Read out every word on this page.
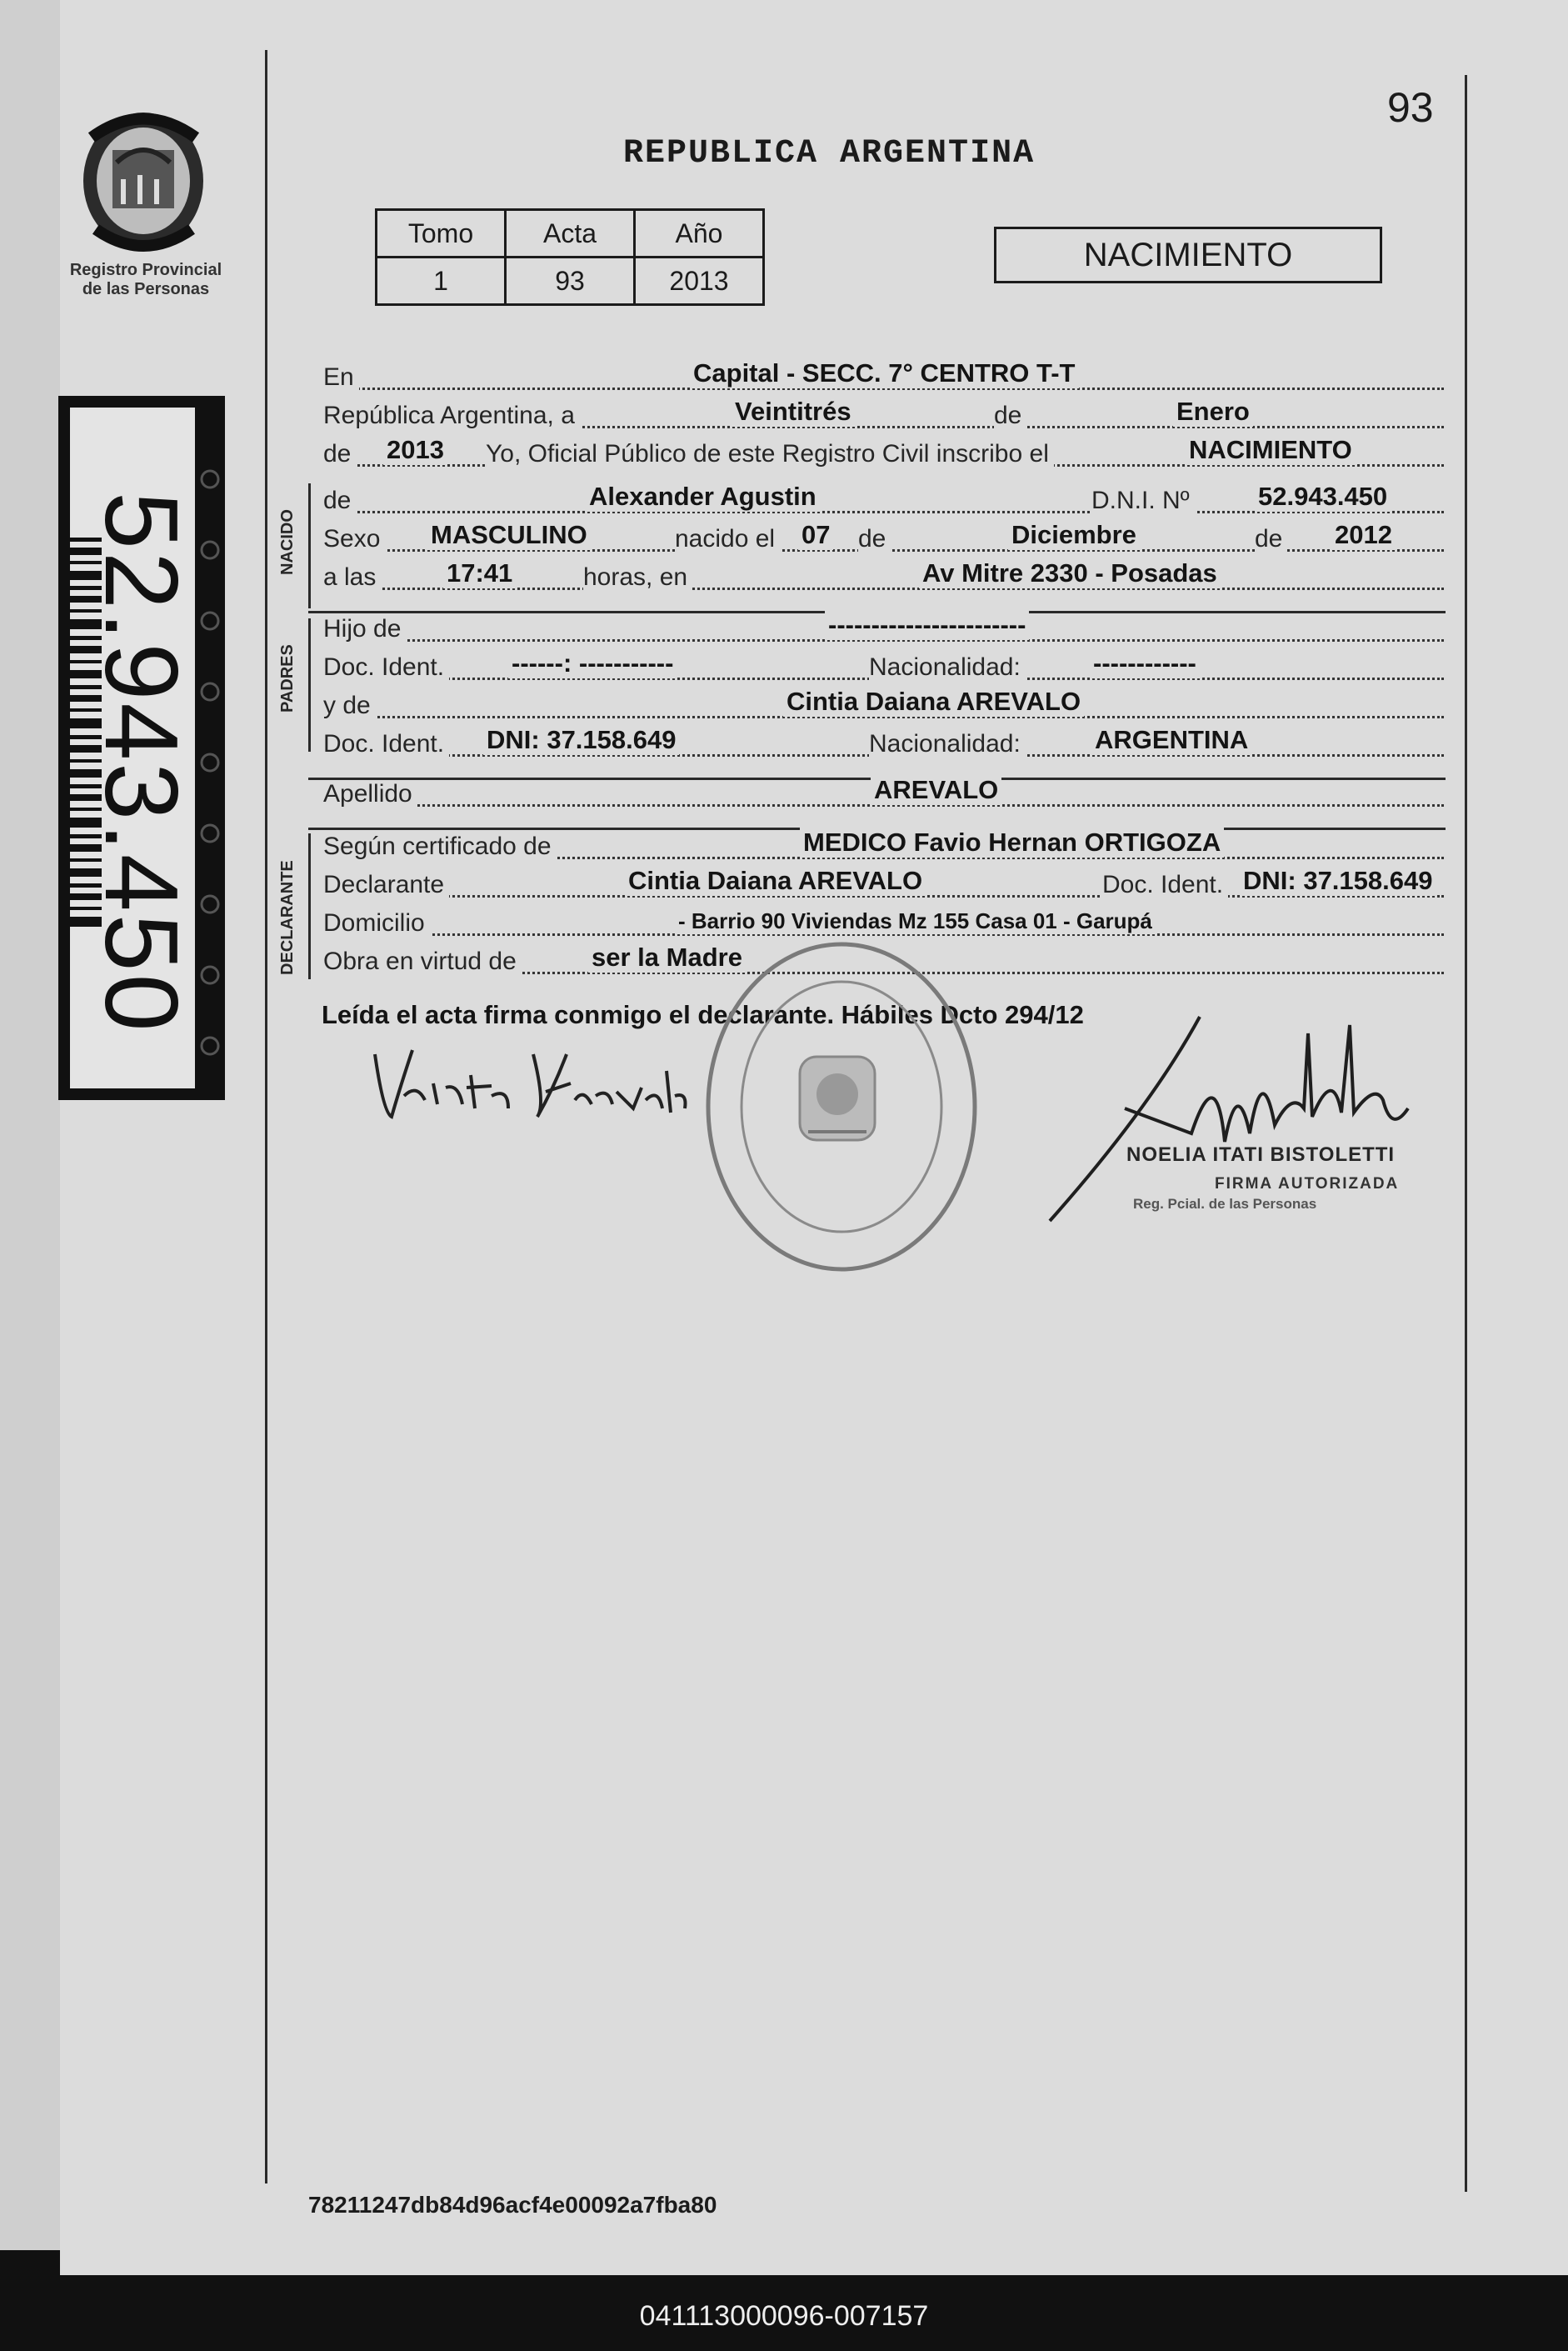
Registro Provincial
de las Personas
52.943.450
93
REPUBLICA ARGENTINA
Tomo	Acta	Año
1	93	2013
NACIMIENTO
En	Capital - SECC. 7° CENTRO T-T
República Argentina, a	Veintitrés	de	Enero
de 2013 Yo, Oficial Público de este Registro Civil inscribo el	NACIMIENTO
NACIDO
de	Alexander Agustin	D.N.I. Nº	52.943.450
Sexo MASCULINO	nacido el 07 de	Diciembre	de 2012
a las	17:41	horas, en	Av Mitre 2330 - Posadas
PADRES
Hijo de	-----------------------
Doc. Ident.	------: -----------	Nacionalidad:	------------
y de	Cintia Daiana AREVALO
Doc. Ident. DNI: 37.158.649	Nacionalidad:	ARGENTINA
Apellido	AREVALO
DECLARANTE
Según certificado de	MEDICO Favio Hernan ORTIGOZA
Declarante	Cintia Daiana AREVALO	Doc. Ident. DNI: 37.158.649
Domicilio	- Barrio 90 Viviendas Mz 155 Casa 01 - Garupá
Obra en virtud de	ser la Madre
Leída el acta firma conmigo el declarante. Hábiles Dcto 294/12
NOELIA ITATI BISTOLETTI
FIRMA AUTORIZADA
Reg. Pcial. de las Personas
78211247db84d96acf4e00092a7fba80
041113000096-007157
